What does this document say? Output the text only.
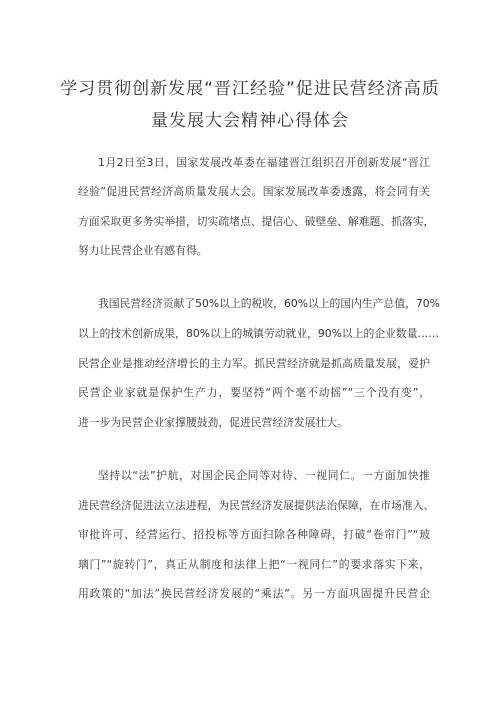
学习贯彻创新发展“晋江经验”促进民营经济高质
量发展大会精神心得体会
1月2日至3日，国家发展改革委在福建晋江组织召开创新发展“晋江
经验”促进民营经济高质量发展大会。国家发展改革委透露，将会同有关
方面采取更多务实举措，切实疏堵点、提信心、破壁垒、解难题、抓落实，
努力让民营企业有感有得。
我国民营经济贡献了50%以上的税收，60%以上的国内生产总值，70%
以上的技术创新成果，80%以上的城镇劳动就业，90%以上的企业数量……
民营企业是推动经济增长的主力军。抓民营经济就是抓高质量发展，爱护
民营企业家就是保护生产力，要坚持“两个毫不动摇”“三个没有变”，
进一步为民营企业家撑腰鼓劲，促进民营经济发展壮大。
坚持以“法”护航，对国企民企同等对待、一视同仁。一方面加快推
进民营经济促进法立法进程，为民营经济发展提供法治保障，在市场准入、
审批许可、经营运行、招投标等方面扫除各种障碍，打破“卷帘门”“玻
璃门”“旋转门”，真正从制度和法律上把“一视同仁”的要求落实下来，
用政策的“加法”换民营经济发展的“乘法”。另一方面巩固提升民营企
